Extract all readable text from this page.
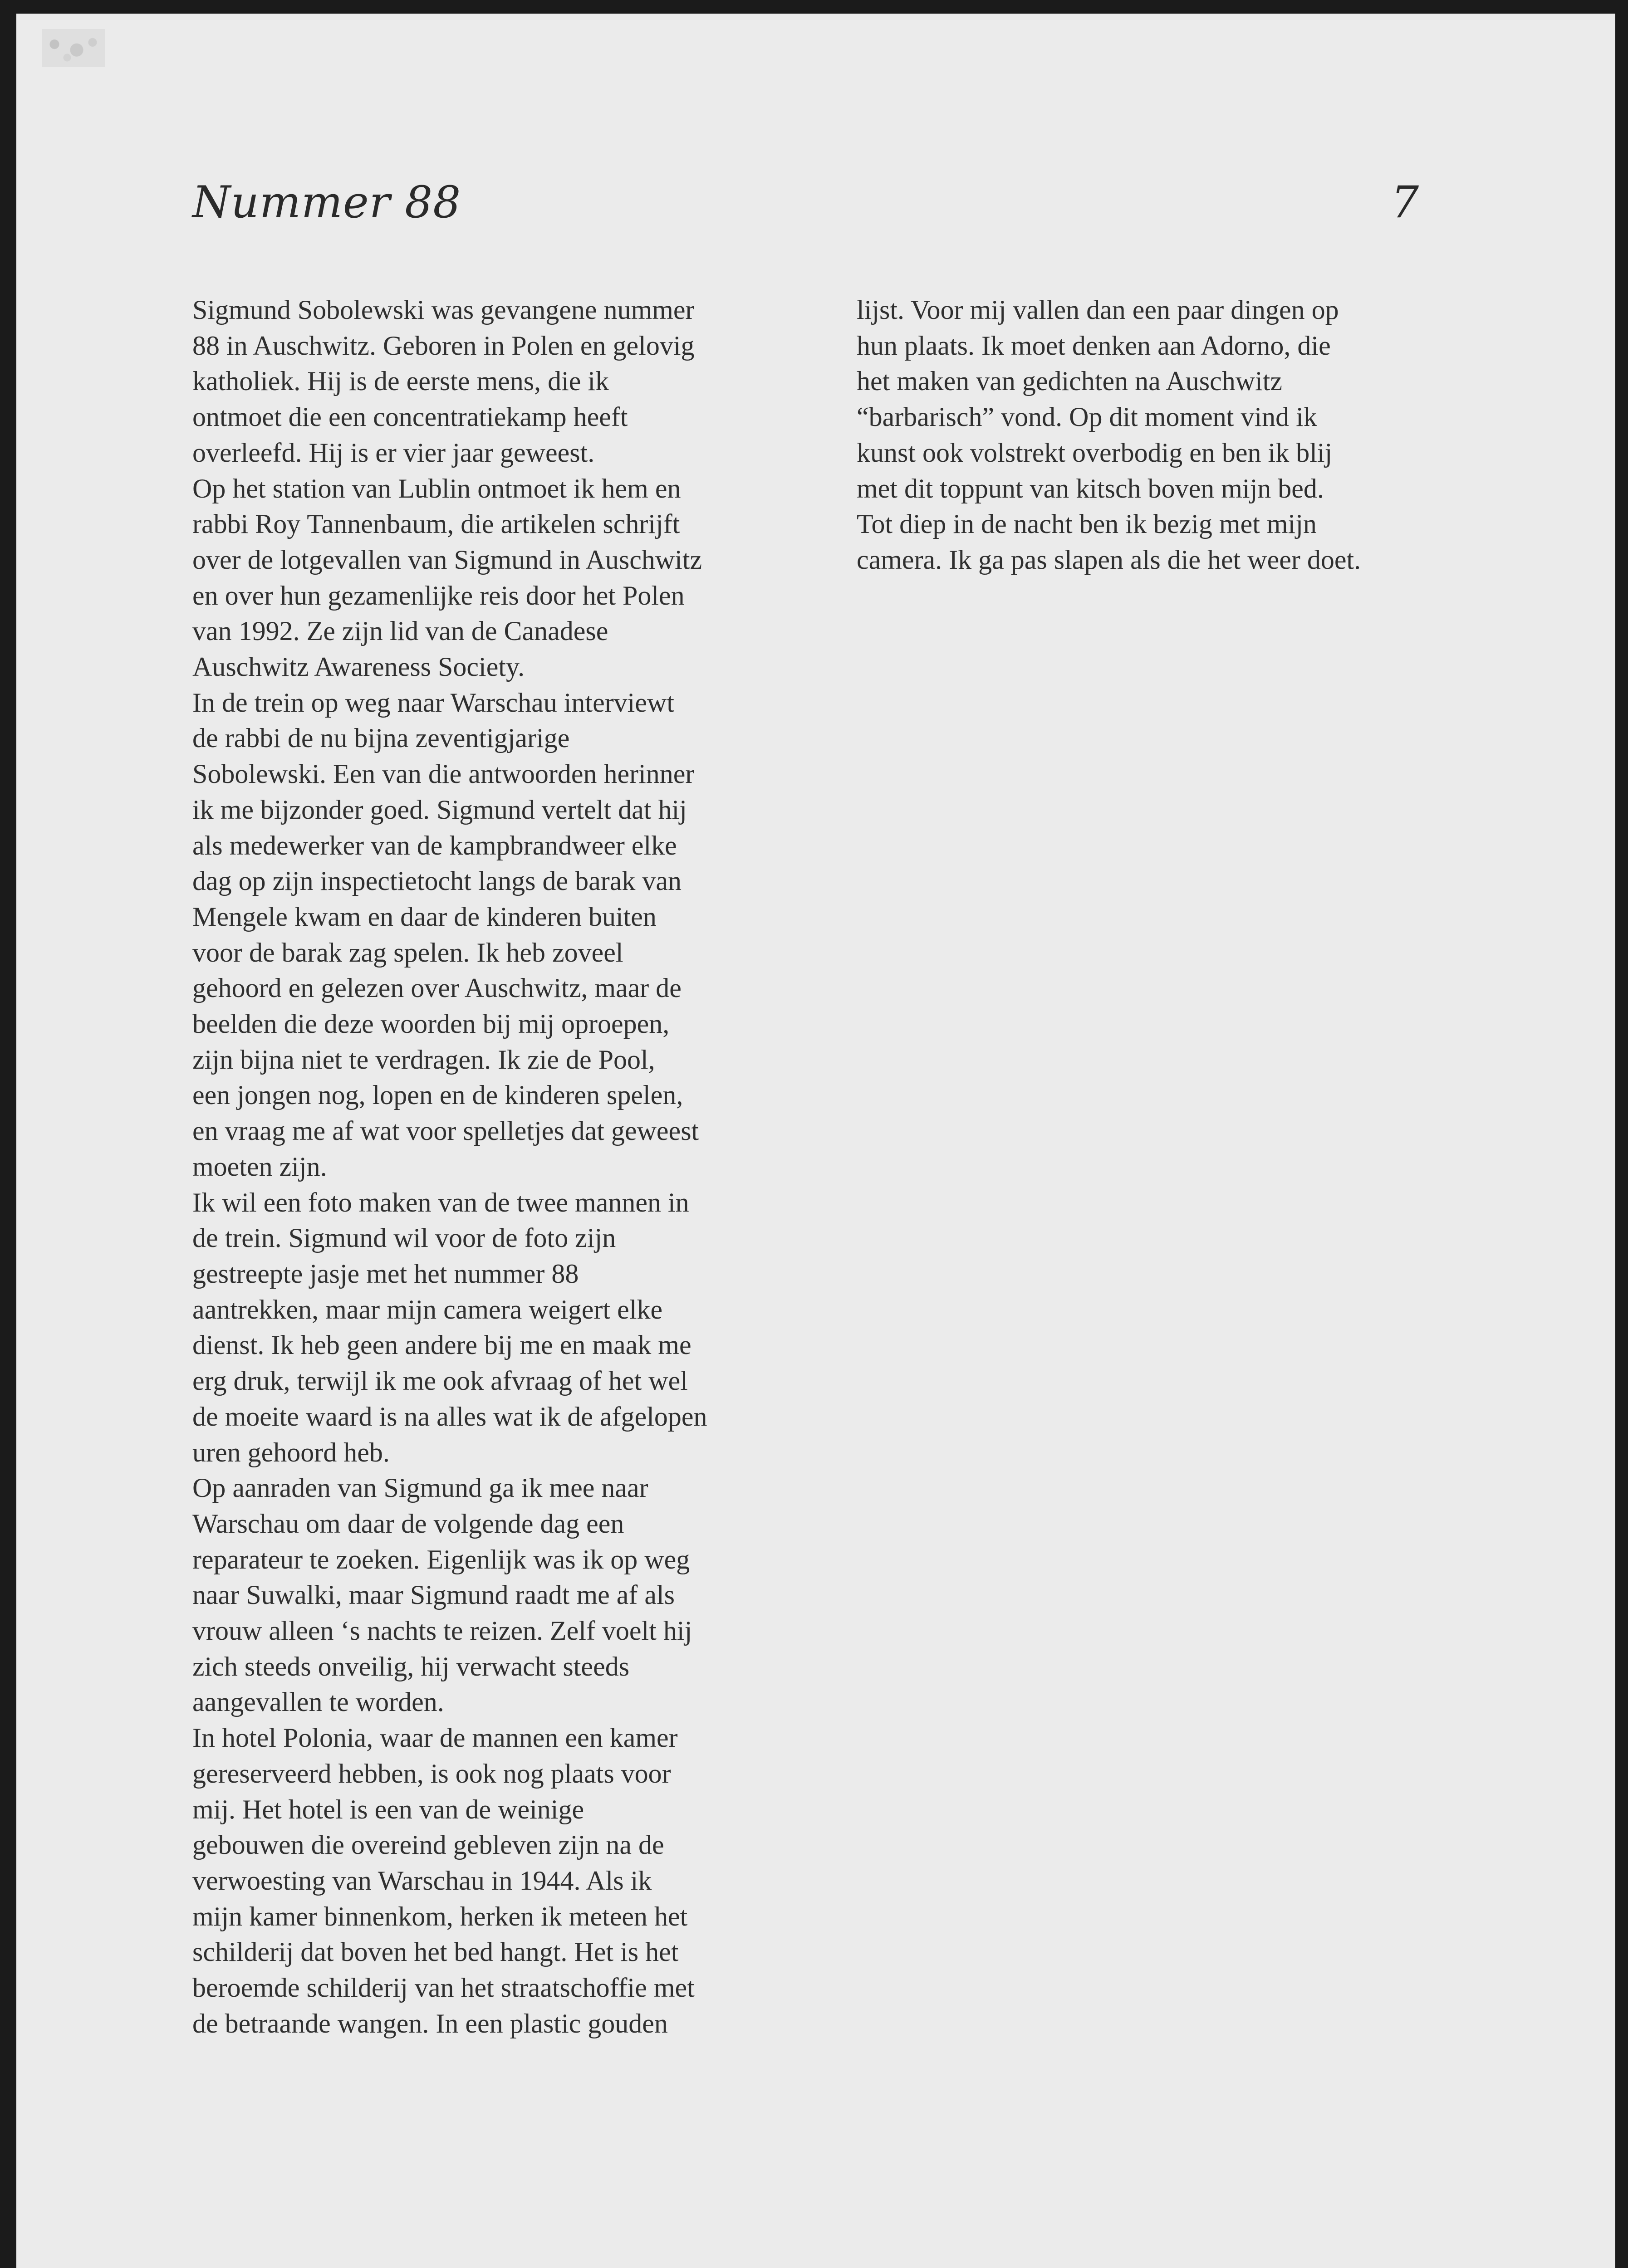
Nummer 88	7
Sigmund Sobolewski was gevangene nummer
88 in Auschwitz. Geboren in Polen en gelovig
katholiek. Hij is de eerste mens, die ik
ontmoet die een concentratiekamp heeft
overleefd. Hij is er vier jaar geweest.
Op het station van Lublin ontmoet ik hem en
rabbi Roy Tannenbaum, die artikelen schrijft
over de lotgevallen van Sigmund in Auschwitz
en over hun gezamenlijke reis door het Polen
van 1992. Ze zijn lid van de Canadese
Auschwitz Awareness Society.
In de trein op weg naar Warschau interviewt
de rabbi de nu bijna zeventigjarige
Sobolewski. Een van die antwoorden herinner
ik me bijzonder goed. Sigmund vertelt dat hij
als medewerker van de kampbrandweer elke
dag op zijn inspectietocht langs de barak van
Mengele kwam en daar de kinderen buiten
voor de barak zag spelen. Ik heb zoveel
gehoord en gelezen over Auschwitz, maar de
beelden die deze woorden bij mij oproepen,
zijn bijna niet te verdragen. Ik zie de Pool,
een jongen nog, lopen en de kinderen spelen,
en vraag me af wat voor spelletjes dat geweest
moeten zijn.
Ik wil een foto maken van de twee mannen in
de trein. Sigmund wil voor de foto zijn
gestreepte jasje met het nummer 88
aantrekken, maar mijn camera weigert elke
dienst. Ik heb geen andere bij me en maak me
erg druk, terwijl ik me ook afvraag of het wel
de moeite waard is na alles wat ik de afgelopen
uren gehoord heb.
Op aanraden van Sigmund ga ik mee naar
Warschau om daar de volgende dag een
reparateur te zoeken. Eigenlijk was ik op weg
naar Suwalki, maar Sigmund raadt me af als
vrouw alleen ‘s nachts te reizen. Zelf voelt hij
zich steeds onveilig, hij verwacht steeds
aangevallen te worden.
In hotel Polonia, waar de mannen een kamer
gereserveerd hebben, is ook nog plaats voor
mij. Het hotel is een van de weinige
gebouwen die overeind gebleven zijn na de
verwoesting van Warschau in 1944. Als ik
mijn kamer binnenkom, herken ik meteen het
schilderij dat boven het bed hangt. Het is het
beroemde schilderij van het straatschoffie met
de betraande wangen. In een plastic gouden
lijst. Voor mij vallen dan een paar dingen op
hun plaats. Ik moet denken aan Adorno, die
het maken van gedichten na Auschwitz
“barbarisch” vond. Op dit moment vind ik
kunst ook volstrekt overbodig en ben ik blij
met dit toppunt van kitsch boven mijn bed.
Tot diep in de nacht ben ik bezig met mijn
camera. Ik ga pas slapen als die het weer doet.
